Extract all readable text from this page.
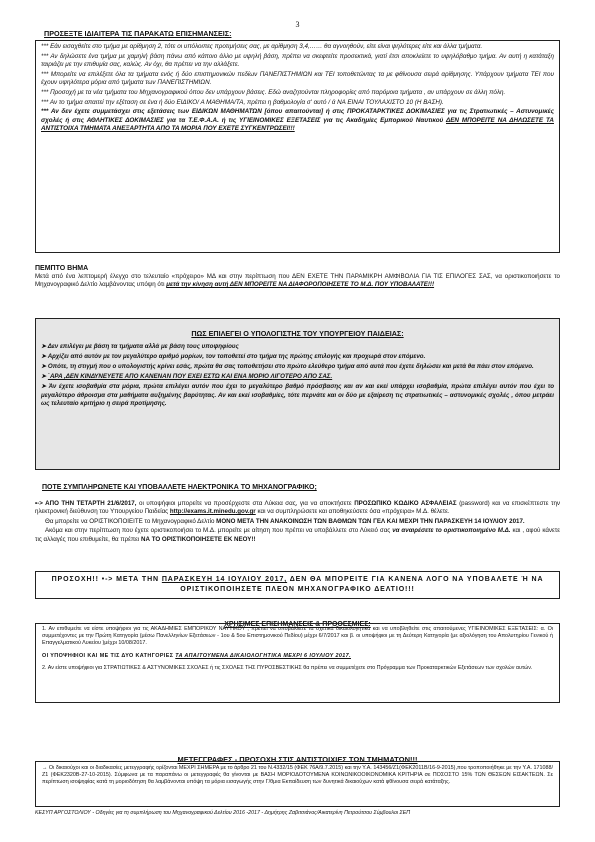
3
ΠΡΟΣΕΞΤΕ ΙΔΙΑΙΤΕΡΑ ΤΙΣ ΠΑΡΑΚΑΤΩ ΕΠΙΣΗΜΑΝΣΕΙΣ:

*** Εάν εισαχθείτε στο τμήμα με αρίθμηση 2, τότε οι υπόλοιπες προτιμήσεις σας, με αρίθμηση 3,4,…… θα αγνοηθούν, είτε είναι ψηλότερες είτε και άλλα τμήματα.

*** Αν δηλώσετε ένα τμήμα με χαμηλή βάση πάνω από κάποιο άλλο με υψηλή βάση, πρέπει να σκεφτείτε προσεκτικά, γιατί έτσι αποκλείετε το υψηλόβαθμο τμήμα. Αν αυτή η κατάταξη ταιριάζει με την επιθυμία σας, καλώς. Αν όχι, θα πρέπει να την αλλάξετε.

*** Μπορείτε να επιλέξετε όλα τα τμήματα ενός ή δύο επιστημονικών πεδίων ΠΑΝΕΠΙΣΤΗΜΙΩΝ και ΤΕΙ τοποθετώντας τα με φθίνουσα σειρά αρίθμησης. Υπάρχουν τμήματα ΤΕΙ που έχουν υψηλότερα μόρια από τμήματα των ΠΑΝΕΠΙΣΤΗΜΙΩΝ.

*** Προσοχή με τα νέα τμήματα του Μηχανογραφικού όπου δεν υπάρχουν βάσεις. Εδώ αναζητούνται πληροφορίες από παρόμοια τμήματα , αν υπάρχουν σε άλλη πόλη.

*** Αν το τμήμα απαιτεί την εξέταση σε ένα ή δύο ΕΙΔΙΚΟ/ Α ΜΑΘΗΜΑ/ΤΑ, πρέπει η βαθμολογία σ' αυτό / ά ΝΑ ΕΙΝΑΙ ΤΟΥΛΑΧΙΣΤΟ 10 (Η ΒΑΣΗ).

*** Αν δεν έχετε συμμετάσχει στις εξετάσεις των ΕΙΔΙΚΩΝ ΜΑΘΗΜΑΤΩΝ [όπου απαιτούνται] ή στις ΠΡΟΚΑΤΑΡΚΤΙΚΕΣ ΔΟΚΙΜΑΣΙΕΣ για τις Στρατιωτικές – Αστυνομικές σχολές ή στις ΑΘΛΗΤΙΚΕΣ ΔΟΚΙΜΑΣΙΕΣ για τα Τ.Ε.Φ.Α.Α. ή τις ΥΓΙΕΙΝΟΜΙΚΕΣ ΕΞΕΤΑΣΕΙΣ για τις Ακαδημίες Εμπορικού Ναυτικού ΔΕΝ ΜΠΟΡΕΙΤΕ ΝΑ ΔΗΛΩΣΕΤΕ ΤΑ ΑΝΤΙΣΤΟΙΧΑ ΤΜΗΜΑΤΑ ΑΝΕΞΑΡΤΗΤΑ ΑΠΟ ΤΑ ΜΟΡΙΑ ΠΟΥ ΕΧΕΤΕ ΣΥΓΚΕΝΤΡΩΣΕΙ!!!

ΠΕΜΠΤΟ ΒΗΜΑ

Μετά από ένα λεπτομερή έλεγχο στο τελευταίο «πρόχειρο» ΜΔ και στην περίπτωση που ΔΕΝ ΕΧΕΤΕ ΤΗΝ ΠΑΡΑΜΙΚΡΗ ΑΜΦΙΒΟΛΙΑ ΓΙΑ ΤΙΣ ΕΠΙΛΟΓΕΣ ΣΑΣ, να οριστικοποιήσετε το Μηχανογραφικό Δελτίο λαμβάνοντας υπόψη ότι μετά την κίνηση αυτή ΔΕΝ ΜΠΟΡΕΙΤΕ ΝΑ ΔΙΑΦΟΡΟΠΟΙΗΣΕΤΕ ΤΟ Μ.Δ. ΠΟΥ ΥΠΟΒΑΛΑΤΕ!!!

ΠΩΣ ΕΠΙΛΕΓΕΙ Ο ΥΠΟΛΟΓΙΣΤΗΣ ΤΟΥ ΥΠΟΥΡΓΕΙΟΥ ΠΑΙΔΕΙΑΣ:

➤ Δεν επιλέγει με βάση τα τμήματα αλλά με βάση τους υποψηφίους

➤ Αρχίζει από αυτόν με τον μεγαλύτερο αριθμό μορίων, τον τοποθετεί στο τμήμα της πρώτης επιλογής και προχωρά στον επόμενο.

➤ Οπότε, τη στιγμή που ο υπολογιστής κρίνει εσάς, πρώτα θα σας τοποθετήσει στο πρώτο ελεύθερο τμήμα από αυτά που έχετε δηλώσει και μετά θα πάει στον επόμενο.

➤ ΄ΑΡΑ ,ΔΕΝ ΚΙΝΔΥΝΕΥΕΤΕ ΑΠΟ ΚΑΝΕΝΑΝ ΠΟΥ ΕΧΕΙ ΕΣΤΩ ΚΑΙ ΕΝΑ ΜΟΡΙΟ ΛΙΓΟΤΕΡΟ ΑΠΟ ΣΑΣ.

➤ Άν έχετε ισοβαθμία στα μόρια, πρώτα επιλέγει αυτόν που έχει το μεγαλύτερο βαθμό πρόσβασης και αν και εκεί υπάρχει ισοβαθμία, πρώτα επιλέγει αυτόν που έχει το μεγαλύτερο άθροισμα στα μαθήματα αυξημένης βαρύτητας. Αν και εκεί ισοβαθμίες, τότε περνάτε και οι δύο με εξαίρεση τις στρατιωτικές – αστυνομικές σχολές , όπου μετράει ως τελευταίο κριτήριο η σειρά προτίμησης.

ΠΟΤΕ ΣΥΜΠΛΗΡΩΝΕΤΕ ΚΑΙ ΥΠΟΒΑΛΛΕΤΕ ΗΛΕΚΤΡΟΝΙΚΑ ΤΟ ΜΗΧΑΝΟΓΡΑΦΙΚΟ;

•-> ΑΠΟ ΤΗΝ ΤΕΤΑΡΤΗ 21/6/2017, οι υποψήφιοι μπορείτε να προσέρχεστε στα Λύκεια σας, για να αποκτήσετε ΠΡΟΣΩΠΙΚΟ ΚΩΔΙΚΟ ΑΣΦΑΛΕΙΑΣ (password) και να επισκέπτεστε την ηλεκτρονική διεύθυνση του Υπουργείου Παιδείας http://exams.it.minedu.gov.gr και να συμπληρώσετε και αποθηκεύσετε όσα «πρόχειρα» Μ.Δ. θέλετε.

Θα μπορείτε να ΟΡΙΣΤΙΚΟΠΟΙΕΙΤΕ το Μηχανογραφικό Δελτίο ΜΟΝΟ ΜΕΤΑ ΤΗΝ ΑΝΑΚΟΙΝΩΣΗ ΤΩΝ ΒΑΘΜΩΝ ΤΩΝ ΓΕΛ ΚΑΙ ΜΕΧΡΙ ΤΗΝ ΠΑΡΑΣΚΕΥΗ 14 ΙΟΥΛΙΟΥ 2017.

Ακόμα και στην περίπτωση που έχετε οριστικοποιήσει το Μ.Δ. μπορείτε με αίτηση που πρέπει να υποβάλλετε στο Λύκειό σας να αναιρέσετε το οριστικοποιημένο Μ.Δ. και , αφού κάνετε τις αλλαγές που επιθυμείτε, θα πρέπει ΝΑ ΤΟ ΟΡΙΣΤΙΚΟΠΟΙΗΣΕΤΕ ΕΚ ΝΕΟΥ!!

ΠΡΟΣΟΧΗ!! •-> ΜΕΤΑ ΤΗΝ ΠΑΡΑΣΚΕΥΗ 14 ΙΟΥΛΙΟΥ 2017, ΔΕΝ ΘΑ ΜΠΟΡΕΙΤΕ ΓΙΑ ΚΑΝΕΝΑ ΛΟΓΟ ΝΑ ΥΠΟΒΑΛΕΤΕ Ή ΝΑ ΟΡΙΣΤΙΚΟΠΟΙΗΣΕΤΕ ΠΛΕΟΝ ΜΗΧΑΝΟΓΡΑΦΙΚΟ ΔΕΛΤΙΟ!!!
ΧΡΗΣΙΜΕΣ ΕΠΙΣΗΜΑΝΣΕΙΣ & ΠΡΟΘΕΣΜΙΕΣ:

1. Αν επιθυμείτε να είστε υποψήφιοι για τις ΑΚΑΔΗΜΙΕΣ ΕΜΠΟΡΙΚΟΥ ΝΑΥΤΙΚΟΥ , πρέπει να υποβάλλετε τα σχετικά δικαιολογητικά και να υποβληθείτε στις απαιτούμενες ΥΓΙΕΙΝΟΜΙΚΕΣ ΕΞΕΤΑΣΕΙΣ: α. Οι συμμετέχοντες με την Πρώτη Κατηγορία (μέσω Πανελληνίων Εξετάσεων - 1ου & 5ου Επιστημονικού Πεδίου) μέχρι 6/7/2017 και β. οι υποψήφιοι με τη Δεύτερη Κατηγορία (με αξιολόγηση του Απολυτηρίου Γενικού ή Επαγγελματικού Λυκείου )μέχρι 10/08/2017.

ΟΙ ΥΠΟΨΗΦΙΟΙ ΚΑΙ ΜΕ ΤΙΣ ΔΥΟ ΚΑΤΗΓΟΡΙΕΣ ΤΑ ΑΠΑΙΤΟΥΜΕΝΑ ΔΙΚΑΙΟΛΟΓΗΤΙΚΑ ΜΕΧΡΙ 6 ΙΟΥΛΙΟΥ 2017.

2. Αν είστε υποψήφιοι για ΣΤΡΑΤΙΩΤΙΚΕΣ & ΑΣΤΥΝΟΜΙΚΕΣ ΣΧΟΛΕΣ ή τις ΣΧΟΛΕΣ ΤΗΣ ΠΥΡΟΣΒΕΣΤΙΚΗΣ θα πρέπει να συμμετέχετε στο Πρόγραμμα των Προκαταρκτικών Εξετάσεων των σχολών αυτών.

ΜΕΤΕΓΓΡΑΦΕΣ - ΠΡΟΣΟΧΗ ΣΤΙΣ ΑΝΤΙΣΤΟΙΧΙΕΣ ΤΩΝ ΤΜΗΜΑΤΩΝ!!!

→ Οι δικαιούχοι και οι διαδικασίες μετεγγραφής ορίζονται ΜΕΧΡΙ ΣΗΜΕΡΑ με το άρθρο 21 του Ν.4332/15 (ΦΕΚ 76Α/9.7.2015) και την Υ.Α. 143456/Ζ1(ΦΕΚ2011Β/16-9-2015),που τροποποιήθηκε με την Υ.Α. 171088/Ζ1 (ΦΕΚ2320Β-27-10-2015). Σύμφωνα με τα παραπάνω οι μετεγγραφές θα γίνονται με ΒΑΣΗ ΜΟΡΙΟΔΟΤΟΥΜΕΝΑ ΚΟΙΝΩΝΙΚΟΟΙΚΟΝΟΜΙΚΑ ΚΡΙΤΗΡΙΑ σε ΠΟΣΟΣΤΟ 15% ΤΩΝ ΘΕΣΕΩΝ ΕΙΣΑΚΤΕΩΝ. Σε περίπτωση ισοψηφίας κατά τη μοριοδότηση θα λαμβάνονται υπόψη τα μόρια εισαγωγής στην Γ/θμια Εκπαίδευση των δυνητικά δικαιούχων κατά φθίνουσα σειρά κατάταξης.

ΚΕΣΥΠ ΑΡΓΟΣΤΟΛΙΟΥ - Οδηγίες για τη συμπλήρωση του Μηχανογραφικού Δελτίου 2016 -2017 - Δημήτρης Ζαβιτσιάνος/Αικατερίνη Πετρούτσου Σύμβουλοι ΣΕΠ
